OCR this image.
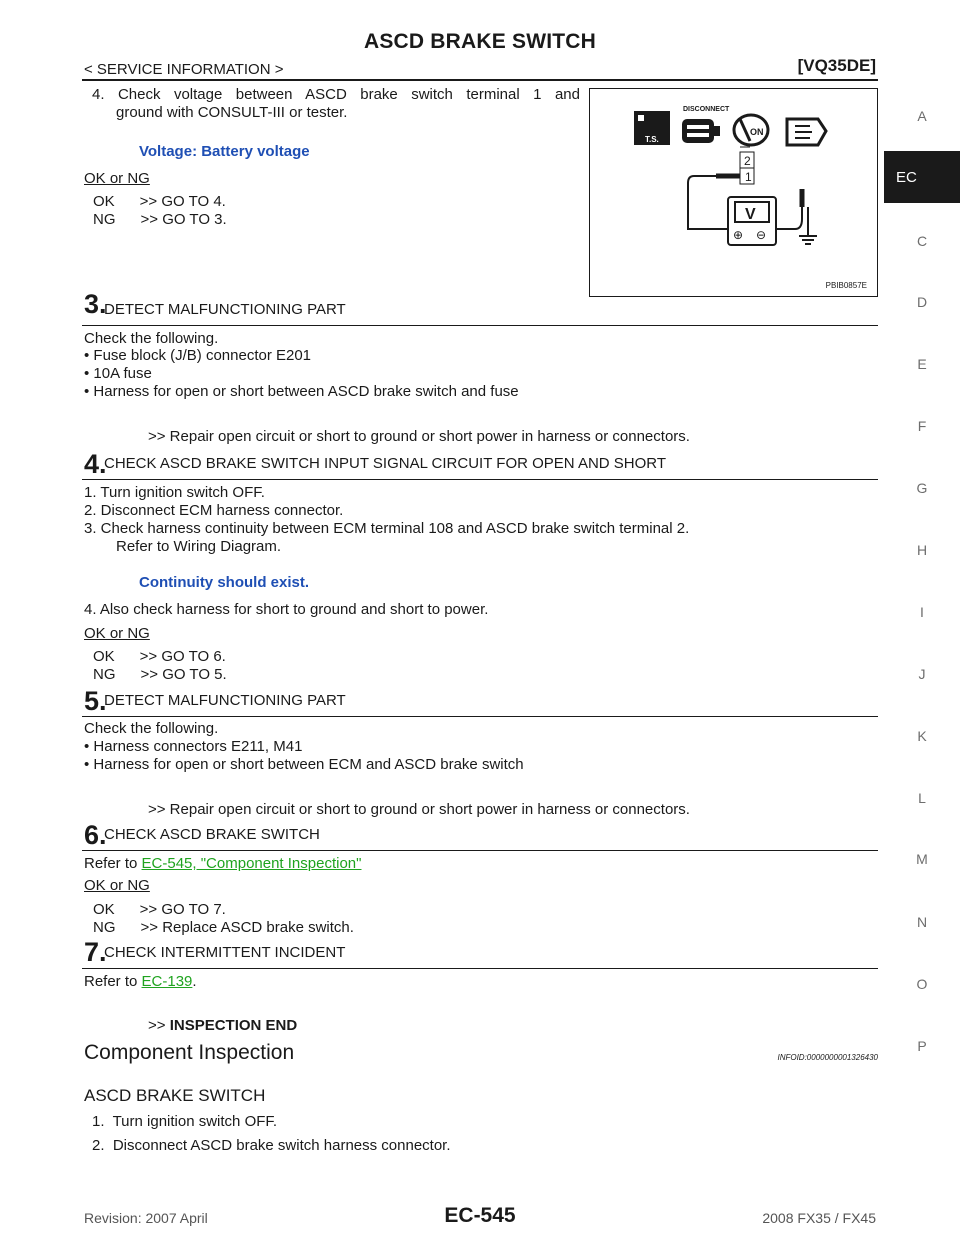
ASCD BRAKE SWITCH
< SERVICE INFORMATION >	[VQ35DE]
A
EC
C
D
E
F
G
H
I
J
K
L
M
N
O
P
T.S.
DISCONNECT
ON
2
1
V
⊕ ⊖
PBIB0857E
4. Check voltage between ASCD brake switch terminal 1 and
ground with CONSULT-III or tester.
Voltage: Battery voltage
OK or NG
OK      >> GO TO 4.
NG      >> GO TO 3.
3.
DETECT MALFUNCTIONING PART
Check the following.
• Fuse block (J/B) connector E201
• 10A fuse
• Harness for open or short between ASCD brake switch and fuse
>> Repair open circuit or short to ground or short power in harness or connectors.
4.
CHECK ASCD BRAKE SWITCH INPUT SIGNAL CIRCUIT FOR OPEN AND SHORT
1. Turn ignition switch OFF.
2. Disconnect ECM harness connector.
3. Check harness continuity between ECM terminal 108 and ASCD brake switch terminal 2.
Refer to Wiring Diagram.
Continuity should exist.
4. Also check harness for short to ground and short to power.
OK or NG
OK      >> GO TO 6.
NG      >> GO TO 5.
5.
DETECT MALFUNCTIONING PART
Check the following.
• Harness connectors E211, M41
• Harness for open or short between ECM and ASCD brake switch
>> Repair open circuit or short to ground or short power in harness or connectors.
6.
CHECK ASCD BRAKE SWITCH
Refer to EC-545, "Component Inspection"
OK or NG
OK      >> GO TO 7.
NG      >> Replace ASCD brake switch.
7.
CHECK INTERMITTENT INCIDENT
Refer to EC-139.
>> INSPECTION END
Component Inspection	INFOID:0000000001326430
ASCD BRAKE SWITCH
1.  Turn ignition switch OFF.
2.  Disconnect ASCD brake switch harness connector.
Revision: 2007 April	EC-545	2008 FX35 / FX45
